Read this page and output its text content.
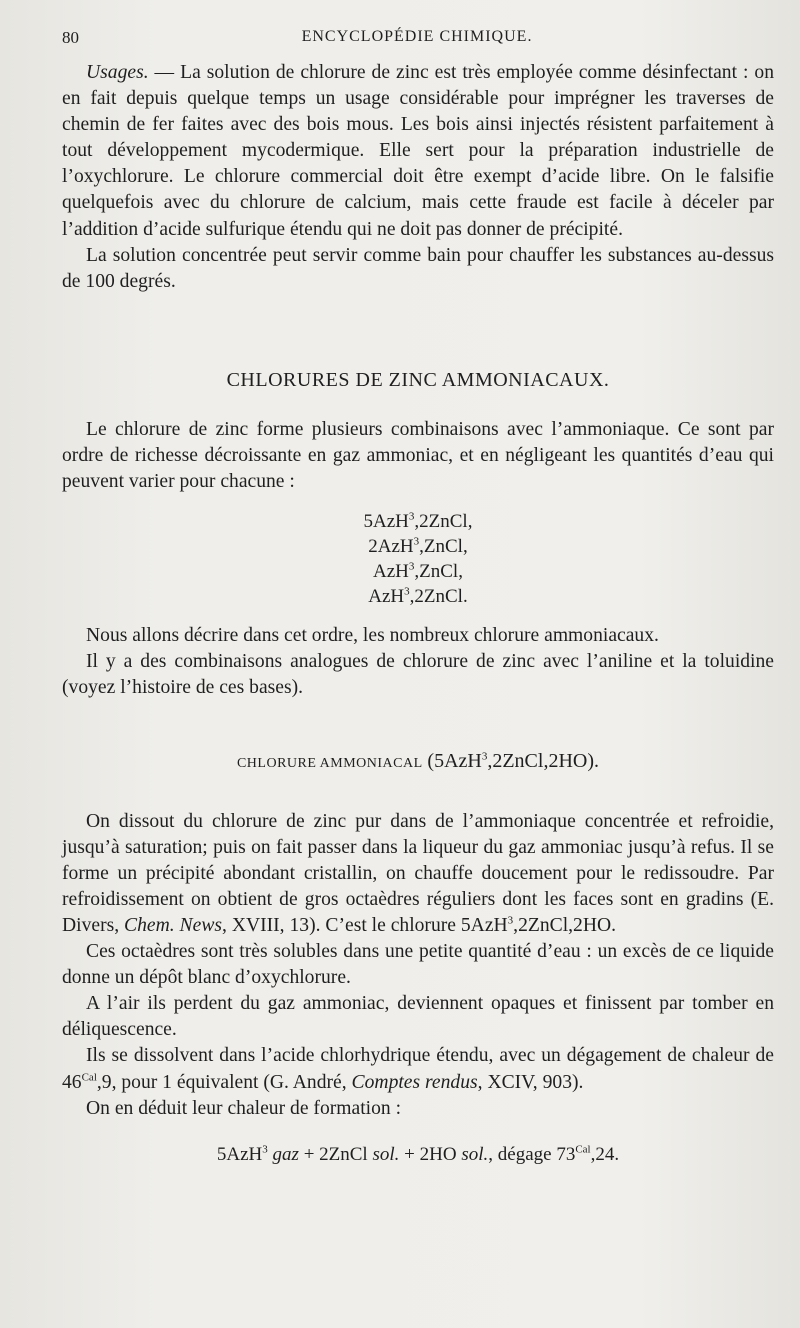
80	ENCYCLOPÉDIE CHIMIQUE.

Usages. — La solution de chlorure de zinc est très employée comme désinfectant : on en fait depuis quelque temps un usage considérable pour imprégner les traverses de chemin de fer faites avec des bois mous. Les bois ainsi injectés résistent parfaitement à tout développement mycodermique. Elle sert pour la préparation industrielle de l’oxychlorure. Le chlorure commercial doit être exempt d’acide libre. On le falsifie quelquefois avec du chlorure de calcium, mais cette fraude est facile à déceler par l’addition d’acide sulfurique étendu qui ne doit pas donner de précipité.

La solution concentrée peut servir comme bain pour chauffer les substances au-dessus de 100 degrés.

CHLORURES DE ZINC AMMONIACAUX.

Le chlorure de zinc forme plusieurs combinaisons avec l’ammoniaque. Ce sont par ordre de richesse décroissante en gaz ammoniac, et en négligeant les quantités d’eau qui peuvent varier pour chacune :

5AzH$^3$,2ZnCl,
2AzH$^3$,ZnCl,
AzH$^3$,ZnCl,
AzH$^3$,2ZnCl.

Nous allons décrire dans cet ordre, les nombreux chlorure ammoniacaux.

Il y a des combinaisons analogues de chlorure de zinc avec l’aniline et la toluidine (voyez l’histoire de ces bases).

CHLORURE AMMONIACAL (5AzH$^3$,2ZnCl,2HO).

On dissout du chlorure de zinc pur dans de l’ammoniaque concentrée et refroidie, jusqu’à saturation; puis on fait passer dans la liqueur du gaz ammoniac jusqu’à refus. Il se forme un précipité abondant cristallin, on chauffe doucement pour le redissoudre. Par refroidissement on obtient de gros octaèdres réguliers dont les faces sont en gradins (E. Divers, Chem. News, XVIII, 13). C’est le chlorure 5AzH$^3$,2ZnCl,2HO.

Ces octaèdres sont très solubles dans une petite quantité d’eau : un excès de ce liquide donne un dépôt blanc d’oxychlorure.

A l’air ils perdent du gaz ammoniac, deviennent opaques et finissent par tomber en déliquescence.

Ils se dissolvent dans l’acide chlorhydrique étendu, avec un dégagement de chaleur de $46^{Cal},9$, pour 1 équivalent (G. André, Comptes rendus, XCIV, 903).

On en déduit leur chaleur de formation :

5AzH$^3$ gaz + 2ZnCl sol. + 2HO sol., dégage $73^{Cal},24$.
